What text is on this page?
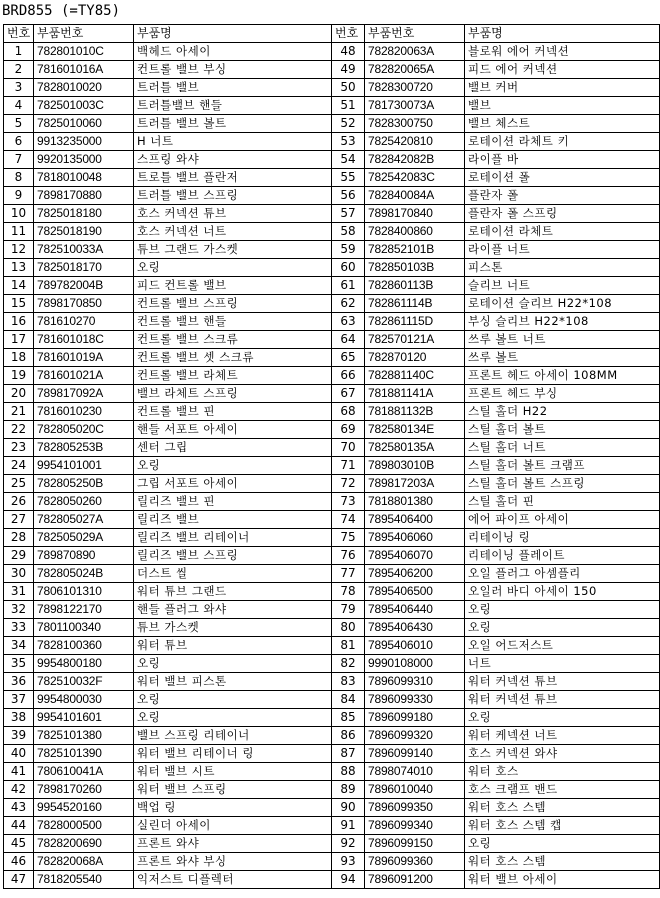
BRD855 (=TY85)
번호	부품번호	부품명	번호	부품번호	부품명
1	782801010C	백헤드 아세이	48	782820063A	블로워 에어 커넥션
2	781601016A	컨트롤 밸브 부싱	49	782820065A	피드 에어 커넥션
3	7828010020	트러틀 밸브	50	7828300720	밸브 커버
4	782501003C	트러틀밸브 핸들	51	781730073A	밸브
5	7825010060	트러틀 밸브 볼트	52	7828300750	밸브 체스트
6	9913235000	H 너트	53	7825420810	로테이션 라체트 키
7	9920135000	스프링 와샤	54	782842082B	라이플 바
8	7818010048	트로틀 밸브 플란저	55	782542083C	로테이션 폴
9	7898170880	트러틀 밸브 스프링	56	782840084A	플란자 폴
10	7825018180	호스 커넥션 튜브	57	7898170840	플란자 폴 스프링
11	7825018190	호스 커넥션 너트	58	7828400860	로테이션 라체트
12	782510033A	튜브 그랜드 가스켓	59	782852101B	라이플 너트
13	7825018170	오링	60	782850103B	피스톤
14	789782004B	피드 컨트롤 밸브	61	782860113B	슬리브 너트
15	7898170850	컨트롤 밸브 스프링	62	782861114B	로테이션 슬리브 H22*108
16	781610270	컨트롤 밸브 핸들	63	782861115D	부싱 슬리브 H22*108
17	781601018C	컨트롤 밸브 스크류	64	782570121A	쓰루 볼트 너트
18	781601019A	컨트롤 밸브 셋 스크류	65	782870120	쓰루 볼트
19	781601021A	컨트롤 밸브 라체트	66	782881140C	프론트 헤드 아세이 108MM
20	789817092A	밸브 라체트 스프링	67	781881141A	프론트 헤드 부싱
21	7816010230	컨트롤 밸브 핀	68	781881132B	스틸 홀더 H22
22	782805020C	핸들 서포트 아세이	69	782580134E	스틸 홀더 볼트
23	782805253B	센터 그립	70	782580135A	스틸 홀더 너트
24	9954101001	오링	71	789803010B	스틸 홀더 볼트 크램프
25	782805250B	그립 서포트 아세이	72	789817203A	스틸 홀더 볼트 스프링
26	7828050260	릴리즈 밸브 핀	73	7818801380	스틸 홀더 핀
27	782805027A	릴리즈 밸브	74	7895406400	에어 파이프 아세이
28	782505029A	릴리즈 밸브 리테이너	75	7895406060	리테이닝 링
29	789870890	릴리즈 밸브 스프링	76	7895406070	리테이닝 플레이트
30	782805024B	더스트 씰	77	7895406200	오일 플러그 아셈플리
31	7806101310	워터 튜브 그랜드	78	7895406500	오일러 바디 아세이 150
32	7898122170	핸들 플러그 와샤	79	7895406440	오링
33	7801100340	튜브 가스켓	80	7895406430	오링
34	7828100360	워터 튜브	81	7895406010	오일 어드저스트
35	9954800180	오링	82	9990108000	너트
36	782510032F	워터 밸브 피스톤	83	7896099310	워터 커넥션 튜브
37	9954800030	오링	84	7896099330	워터 커넥션 튜브
38	9954101601	오링	85	7896099180	오링
39	7825101380	밸브 스프링 리테이너	86	7896099320	워터 케넥션 너트
40	7825101390	워터 밸브 리테이너 링	87	7896099140	호스 커넥션 와샤
41	780610041A	워터 밸브 시트	88	7898074010	워터 호스
42	7898170260	워터 밸브 스프링	89	7896010040	호스 크램프 밴드
43	9954520160	백업 링	90	7896099350	워터 호스 스템
44	7828000500	실린더 아세이	91	7896099340	워터 호스 스템 캡
45	7828200690	프론트 와샤	92	7896099150	오링
46	782820068A	프론트 와샤 부싱	93	7896099360	워터 호스 스템
47	7818205540	익저스트 디플렉터	94	7896091200	워터 밸브 아세이
